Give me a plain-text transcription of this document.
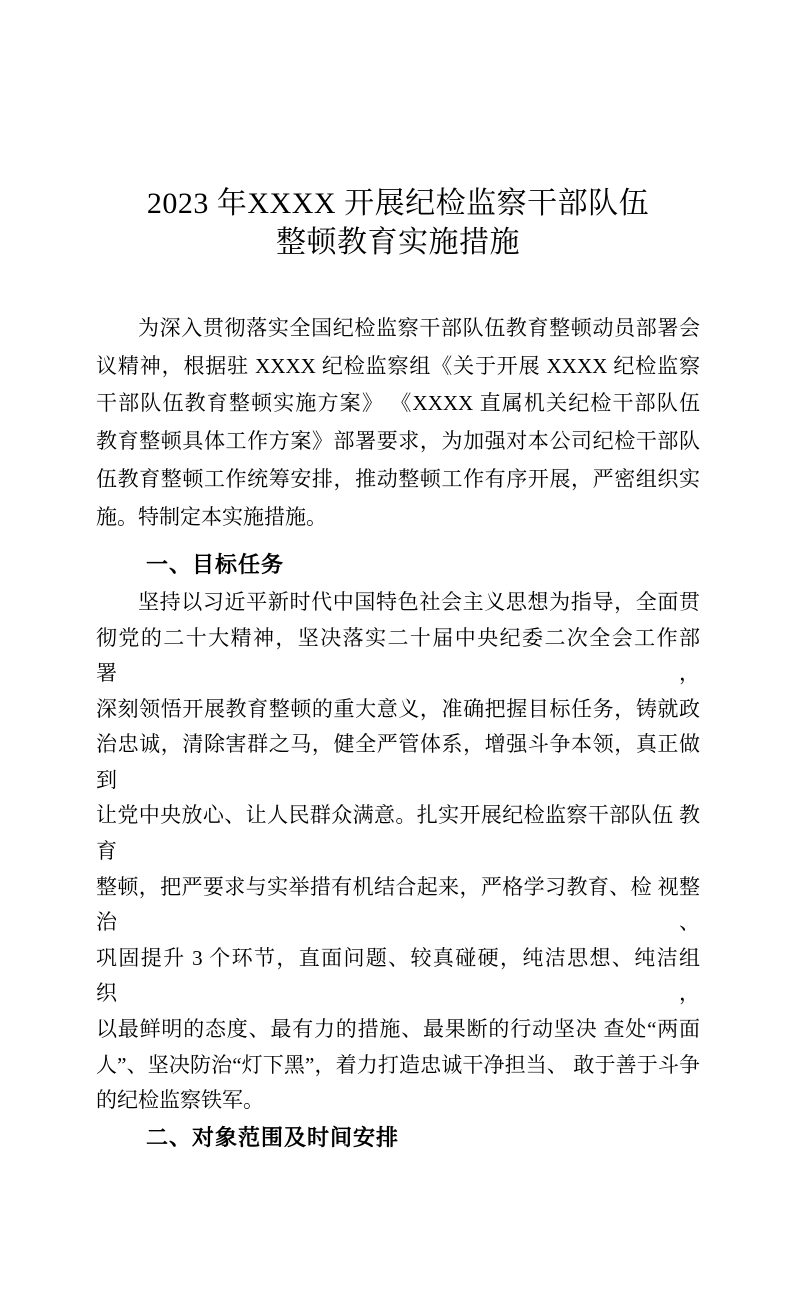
2023 年XXXX 开展纪检监察干部队伍
整顿教育实施措施
为深入贯彻落实全国纪检监察干部队伍教育整顿动员部署会
议精神，根据驻 XXXX 纪检监察组《关于开展 XXXX 纪检监察
干部队伍教育整顿实施方案》 《XXXX 直属机关纪检干部队伍
教育整顿具体工作方案》部署要求，为加强对本公司纪检干部队
伍教育整顿工作统筹安排，推动整顿工作有序开展，严密组织实
施。特制定本实施措施。
一、目标任务
坚持以习近平新时代中国特色社会主义思想为指导，全面贯
彻党的二十大精神，坚决落实二十届中央纪委二次全会工作部署，
深刻领悟开展教育整顿的重大意义，准确把握目标任务，铸就政
治忠诚，清除害群之马，健全严管体系，增强斗争本领，真正做到
让党中央放心、让人民群众满意。扎实开展纪检监察干部队伍 教育
整顿，把严要求与实举措有机结合起来，严格学习教育、检 视整治、
巩固提升 3 个环节，直面问题、较真碰硬，纯洁思想、纯洁组织，
以最鲜明的态度、最有力的措施、最果断的行动坚决 查处“两面
人”、坚决防治“灯下黑”，着力打造忠诚干净担当、 敢于善于斗争
的纪检监察铁军。
二、对象范围及时间安排
